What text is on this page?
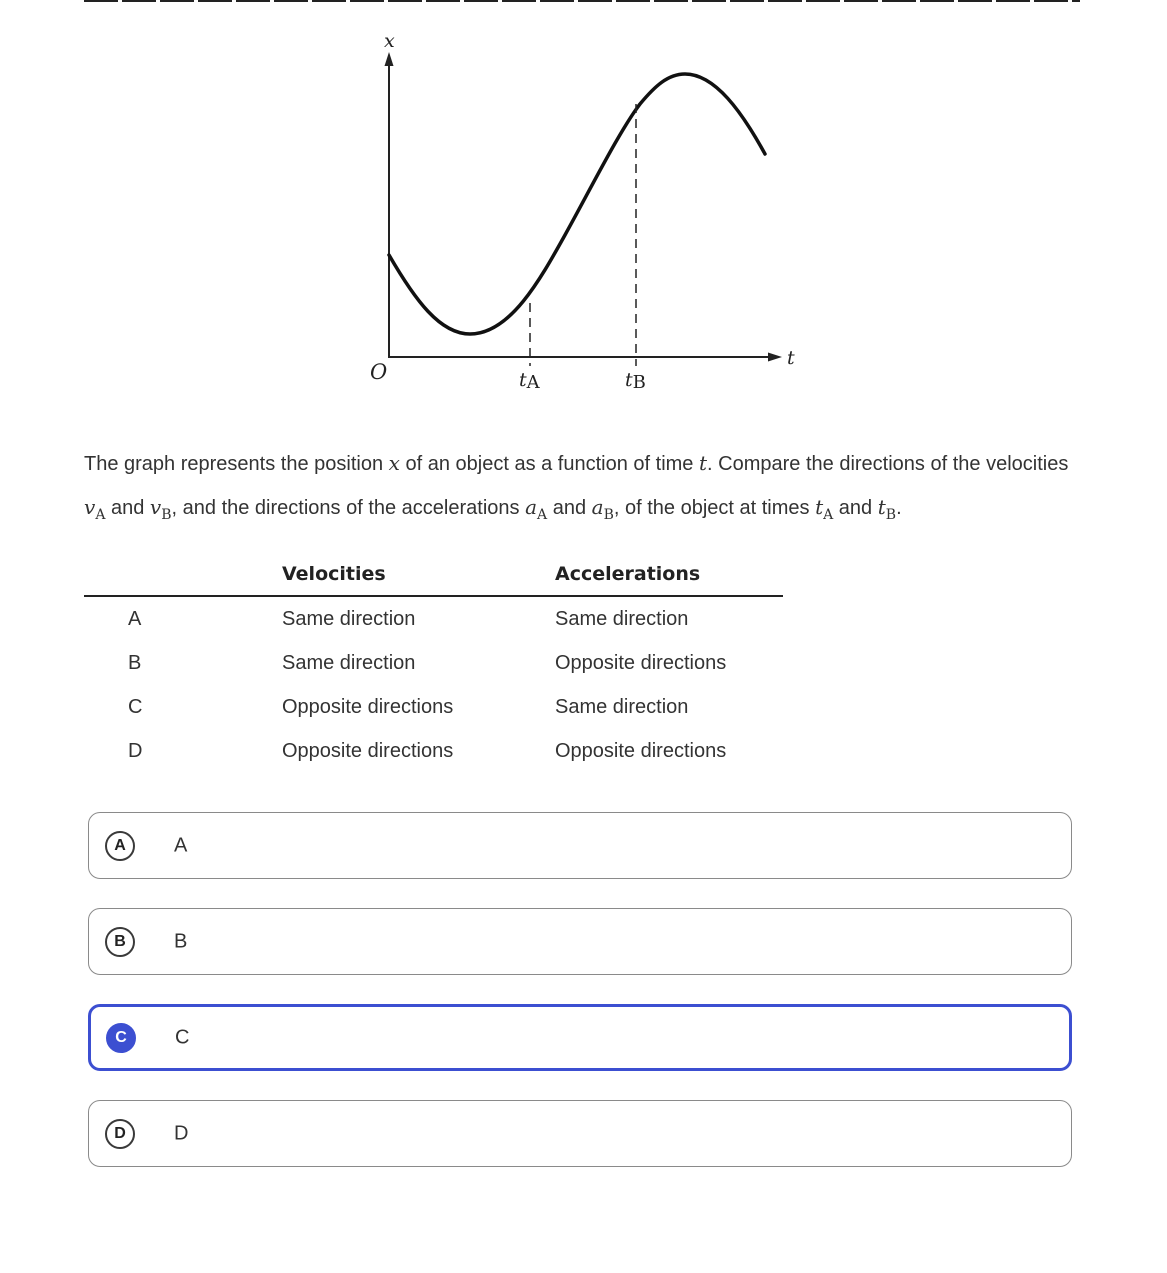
x
t
O	tA	tB
The graph represents the position x of an object as a function of time t. Compare the directions of the velocities $v_A$ and $v_B$, and the directions of the accelerations $a_A$ and $a_B$, of the object at times $t_A$ and $t_B$.
	Velocities	Accelerations
A	Same direction	Same direction
B	Same direction	Opposite directions
C	Opposite directions	Same direction
D	Opposite directions	Opposite directions
A	A
B	B
C	C
D	D
